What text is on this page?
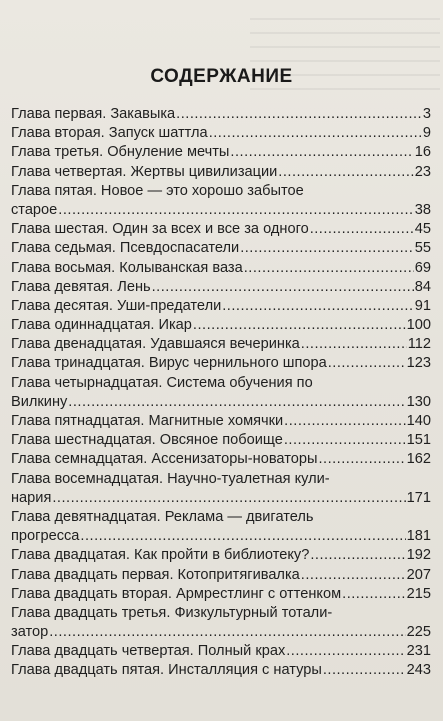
СОДЕРЖАНИЕ
Глава первая. Закавыка .....	3
Глава вторая. Запуск шаттла .....	9
Глава третья. Обнуление мечты .....	16
Глава четвертая. Жертвы цивилизации .....	23
Глава пятая. Новое — это хорошо забытое
старое .....	38
Глава шестая. Один за всех и все за одного .....	45
Глава седьмая. Псевдоспасатели .....	55
Глава восьмая. Колыванская ваза .....	69
Глава девятая. Лень .....	84
Глава десятая. Уши-предатели .....	91
Глава одиннадцатая. Икар .....	100
Глава двенадцатая. Удавшаяся вечеринка .....	112
Глава тринадцатая. Вирус чернильного шпора .....	123
Глава четырнадцатая. Система обучения по
Вилкину .....	130
Глава пятнадцатая. Магнитные хомячки .....	140
Глава шестнадцатая. Овсяное побоище .....	151
Глава семнадцатая. Ассенизаторы-новаторы .....	162
Глава восемнадцатая. Научно-туалетная кули-
нария .....	171
Глава девятнадцатая. Реклама — двигатель
прогресса .....	181
Глава двадцатая. Как пройти в библиотеку? .....	192
Глава двадцать первая. Котопритягивалка .....	207
Глава двадцать вторая. Армрестлинг с оттенком .....	215
Глава двадцать третья. Физкультурный тотали-
затор .....	225
Глава двадцать четвертая. Полный крах .....	231
Глава двадцать пятая. Инсталляция с натуры .....	243
